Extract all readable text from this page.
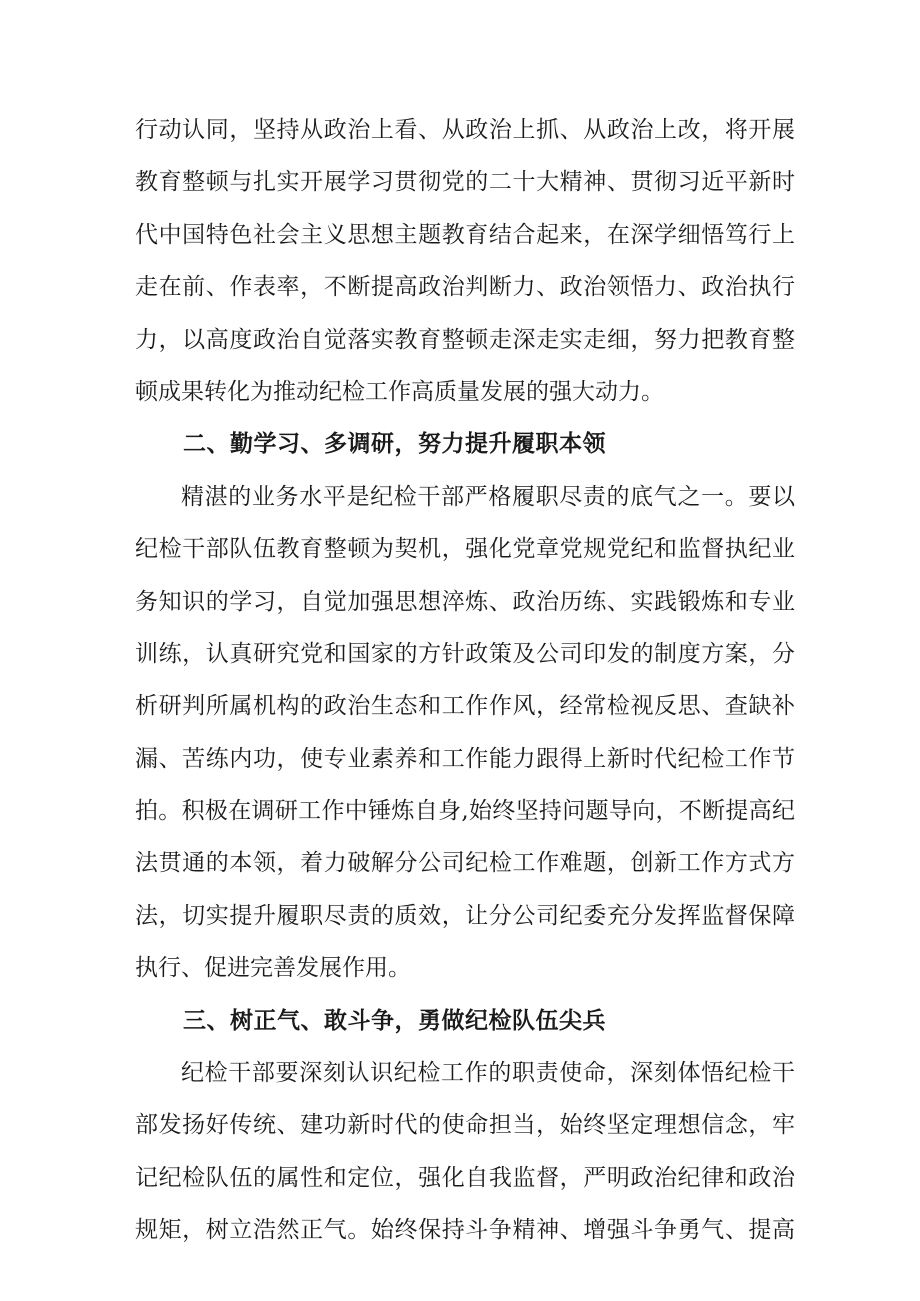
行动认同，坚持从政治上看、从政治上抓、从政治上改，将开展
教育整顿与扎实开展学习贯彻党的二十大精神、贯彻习近平新时
代中国特色社会主义思想主题教育结合起来，在深学细悟笃行上
走在前、作表率，不断提高政治判断力、政治领悟力、政治执行
力，以高度政治自觉落实教育整顿走深走实走细，努力把教育整
顿成果转化为推动纪检工作高质量发展的强大动力。
二、勤学习、多调研，努力提升履职本领
精湛的业务水平是纪检干部严格履职尽责的底气之一。要以
纪检干部队伍教育整顿为契机，强化党章党规党纪和监督执纪业
务知识的学习，自觉加强思想淬炼、政治历练、实践锻炼和专业
训练，认真研究党和国家的方针政策及公司印发的制度方案，分
析研判所属机构的政治生态和工作作风，经常检视反思、查缺补
漏、苦练内功，使专业素养和工作能力跟得上新时代纪检工作节
拍。积极在调研工作中锤炼自身,始终坚持问题导向，不断提高纪
法贯通的本领，着力破解分公司纪检工作难题，创新工作方式方
法，切实提升履职尽责的质效，让分公司纪委充分发挥监督保障
执行、促进完善发展作用。
三、树正气、敢斗争，勇做纪检队伍尖兵
纪检干部要深刻认识纪检工作的职责使命，深刻体悟纪检干
部发扬好传统、建功新时代的使命担当，始终坚定理想信念，牢
记纪检队伍的属性和定位，强化自我监督，严明政治纪律和政治
规矩，树立浩然正气。始终保持斗争精神、增强斗争勇气、提高
